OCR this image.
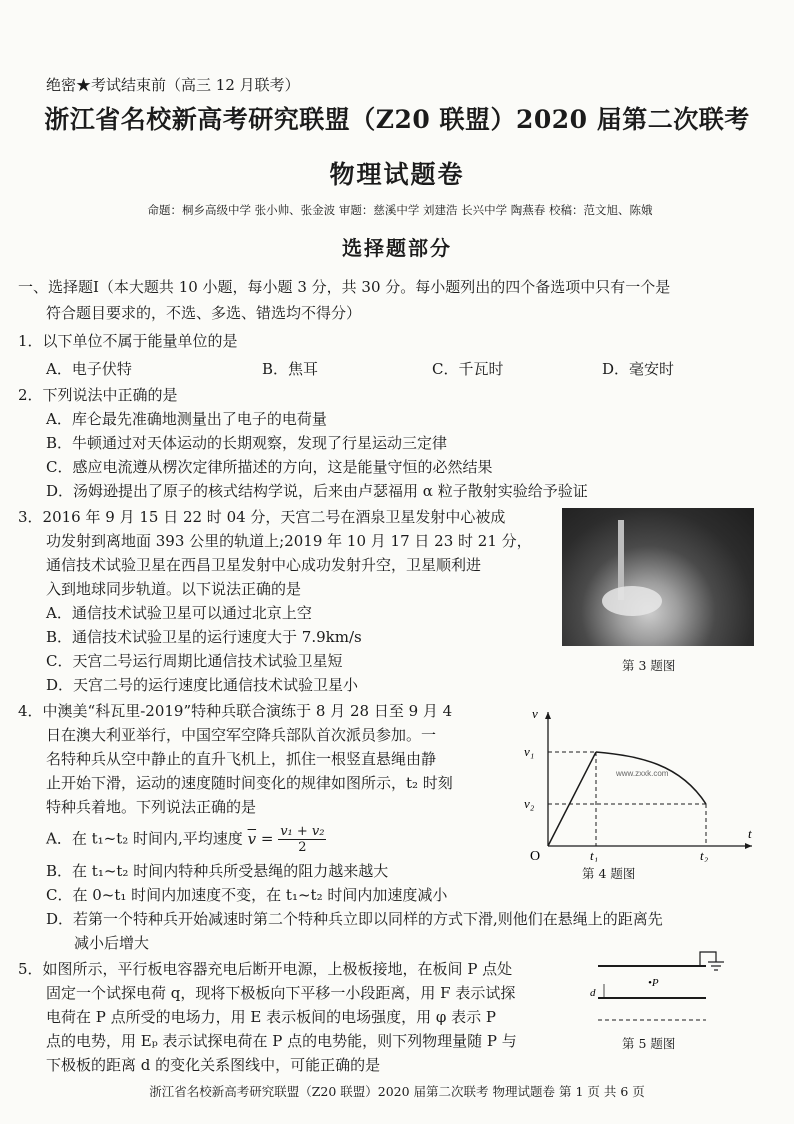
绝密★考试结束前（高三 12 月联考）
浙江省名校新高考研究联盟（Z20 联盟）2020 届第二次联考
物理试题卷
命题：桐乡高级中学 张小帅、张金波 审题：慈溪中学 刘建浩 长兴中学 陶燕春 校稿：范文旭、陈娥
选择题部分
一、选择题Ⅰ（本大题共 10 小题，每小题 3 分，共 30 分。每小题列出的四个备选项中只有一个是
符合题目要求的，不选、多选、错选均不得分）
1．以下单位不属于能量单位的是
A．电子伏特	B．焦耳	C．千瓦时	D．毫安时
2．下列说法中正确的是
A．库仑最先准确地测量出了电子的电荷量
B．牛顿通过对天体运动的长期观察，发现了行星运动三定律
C．感应电流遵从楞次定律所描述的方向，这是能量守恒的必然结果
D．汤姆逊提出了原子的核式结构学说，后来由卢瑟福用 α 粒子散射实验给予验证
3．2016 年 9 月 15 日 22 时 04 分，天宫二号在酒泉卫星发射中心被成
功发射到离地面 393 公里的轨道上;2019 年 10 月 17 日 23 时 21 分，
通信技术试验卫星在西昌卫星发射中心成功发射升空，卫星顺利进
入到地球同步轨道。以下说法正确的是
A．通信技术试验卫星可以通过北京上空
B．通信技术试验卫星的运行速度大于 7.9km/s
C．天宫二号运行周期比通信技术试验卫星短
D．天宫二号的运行速度比通信技术试验卫星小
第 3 题图
4．中澳美“科瓦里-2019”特种兵联合演练于 8 月 28 日至 9 月 4
日在澳大利亚举行，中国空军空降兵部队首次派员参加。一
名特种兵从空中静止的直升飞机上，抓住一根竖直悬绳由静
止开始下滑，运动的速度随时间变化的规律如图所示，t₂ 时刻
特种兵着地。下列说法正确的是
A．在 t₁~t₂ 时间内,平均速度 $\overline{v} = \frac{\text{v₁ + v₂}}{2}$
B．在 t₁~t₂ 时间内特种兵所受悬绳的阻力越来越大
C．在 0~t₁ 时间内加速度不变，在 t₁~t₂ 时间内加速度减小
D．若第一个特种兵开始减速时第二个特种兵立即以同样的方式下滑,则他们在悬绳上的距离先
减小后增大
v
t
O
v₁
v₂
t₁	t₂
www.zxxk.com
第 4 题图
5．如图所示，平行板电容器充电后断开电源，上极板接地，在板间 P 点处
固定一个试探电荷 q，现将下极板向下平移一小段距离，用 F 表示试探
电荷在 P 点所受的电场力，用 E 表示板间的电场强度，用 φ 表示 P
点的电势，用 Eₚ 表示试探电荷在 P 点的电势能，则下列物理量随 P 与
下极板的距离 d 的变化关系图线中，可能正确的是
•P
d
第 5 题图
浙江省名校新高考研究联盟（Z20 联盟）2020 届第二次联考 物理试题卷 第 1 页 共 6 页
